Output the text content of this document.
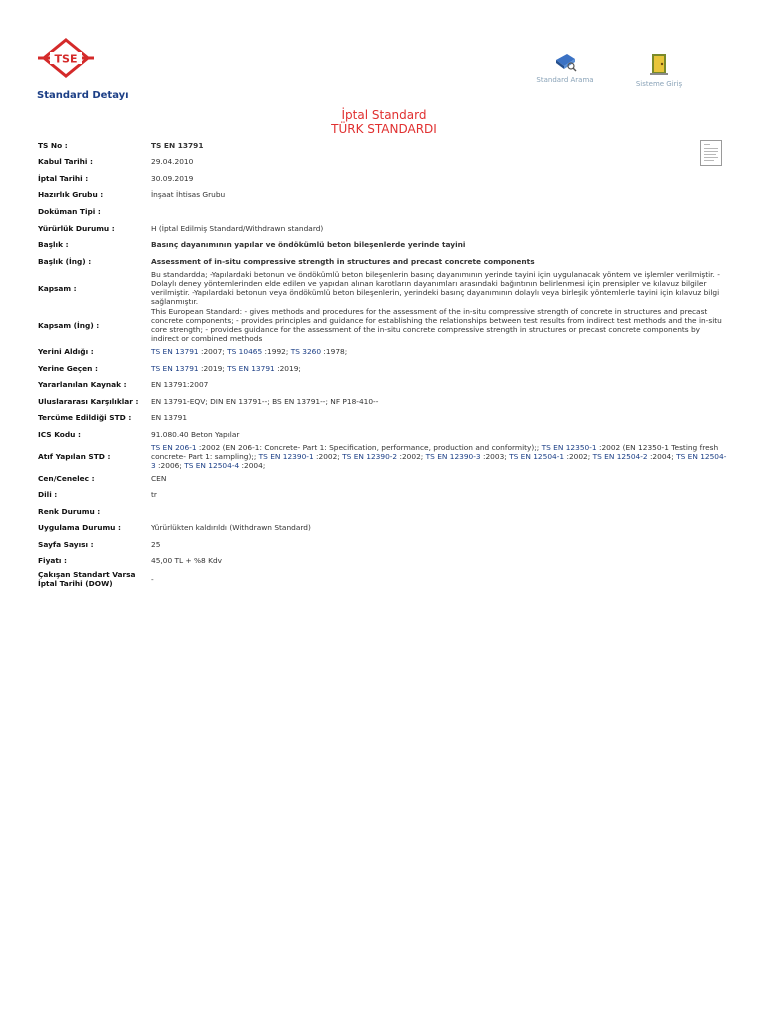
TSE
Standard Arama	Sisteme Giriş
Standard Detayı
İptal Standard
TÜRK STANDARDI
TS No :	TS EN 13791
Kabul Tarihi :	29.04.2010
İptal Tarihi :	30.09.2019
Hazırlık Grubu :	İnşaat İhtisas Grubu
Doküman Tipi :	
Yürürlük Durumu :	H (İptal Edilmiş Standard/Withdrawn standard)
Başlık :	Basınç dayanımının yapılar ve öndökümlü beton bileşenlerde yerinde tayini
Başlık (İng) :	Assessment of in-situ compressive strength in structures and precast concrete components
Kapsam :	Bu standardda; -Yapılardaki betonun ve öndökümlü beton bileşenlerin basınç dayanımının yerinde tayini için uygulanacak yöntem ve işlemler verilmiştir. -Dolaylı deney yöntemlerinden elde edilen ve yapıdan alınan karotların dayanımları arasındaki bağıntının belirlenmesi için prensipler ve kılavuz bilgiler verilmiştir. -Yapılardaki betonun veya öndökümlü beton bileşenlerin, yerindeki basınç dayanımının dolaylı veya birleşik yöntemlerle tayini için kılavuz bilgi sağlanmıştır.
Kapsam (İng) :	This European Standard: - gives methods and procedures for the assessment of the in-situ compressive strength of concrete in structures and precast concrete components; - provides principles and guidance for establishing the relationships between test results from indirect test methods and the in-situ core strength; - provides guidance for the assessment of the in-situ concrete compressive strength in structures or precast concrete components by indirect or combined methods
Yerini Aldığı :	TS EN 13791 :2007; TS 10465 :1992; TS 3260 :1978;
Yerine Geçen :	TS EN 13791 :2019; TS EN 13791 :2019;
Yararlanılan Kaynak :	EN 13791:2007
Uluslararası Karşılıklar :	EN 13791-EQV; DIN EN 13791--; BS EN 13791--; NF P18-410--
Tercüme Edildiği STD :	EN 13791
ICS Kodu :	91.080.40 Beton Yapılar
Atıf Yapılan STD :	TS EN 206-1 :2002 (EN 206-1: Concrete- Part 1: Specification, performance, production and conformity);; TS EN 12350-1 :2002 (EN 12350-1 Testing fresh concrete- Part 1: sampling);; TS EN 12390-1 :2002; TS EN 12390-2 :2002; TS EN 12390-3 :2003; TS EN 12504-1 :2002; TS EN 12504-2 :2004; TS EN 12504-3 :2006; TS EN 12504-4 :2004;
Cen/Cenelec :	CEN
Dili :	tr
Renk Durumu :	
Uygulama Durumu :	Yürürlükten kaldırıldı (Withdrawn Standard)
Sayfa Sayısı :	25
Fiyatı :	45,00 TL + %8 Kdv
Çakışan Standart Varsa İptal Tarihi (DOW)	-
